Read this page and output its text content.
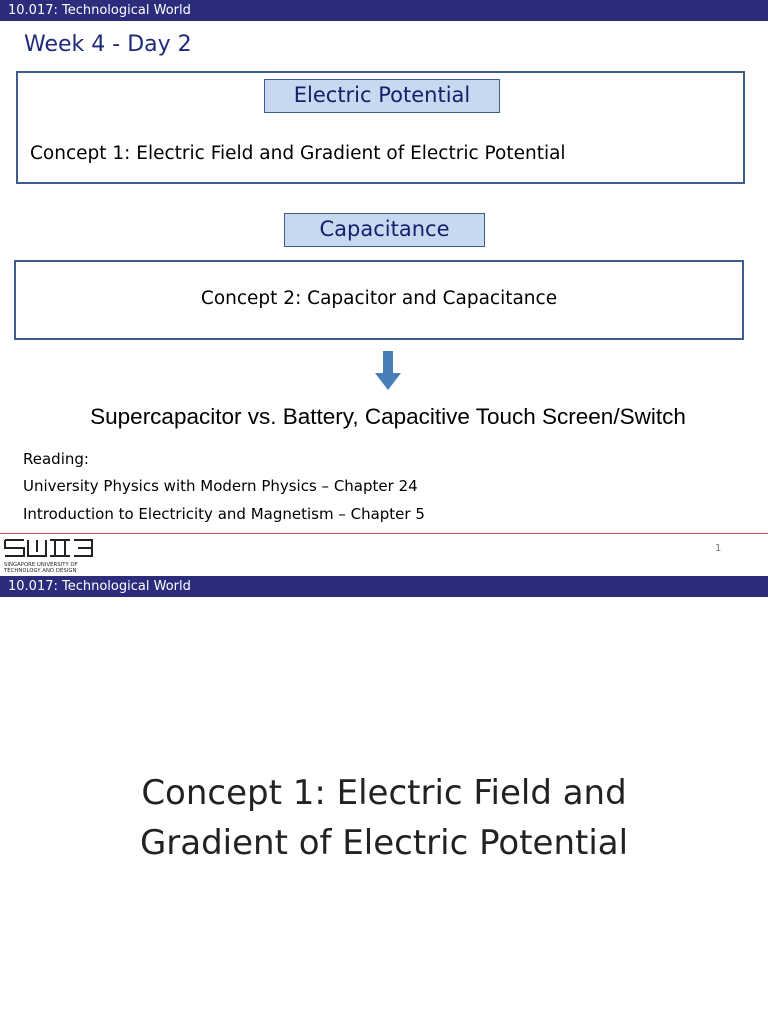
10.017: Technological World
Week 4 - Day 2
Electric Potential
Concept 1: Electric Field and Gradient of Electric Potential
Capacitance
Concept 2: Capacitor and Capacitance
Supercapacitor vs. Battery, Capacitive Touch Screen/Switch
Reading:
University Physics with Modern Physics – Chapter 24
Introduction to Electricity and Magnetism – Chapter 5
SINGAPORE UNIVERSITY OF
TECHNOLOGY AND DESIGN
1
10.017: Technological World
Concept 1: Electric Field and
Gradient of Electric Potential
